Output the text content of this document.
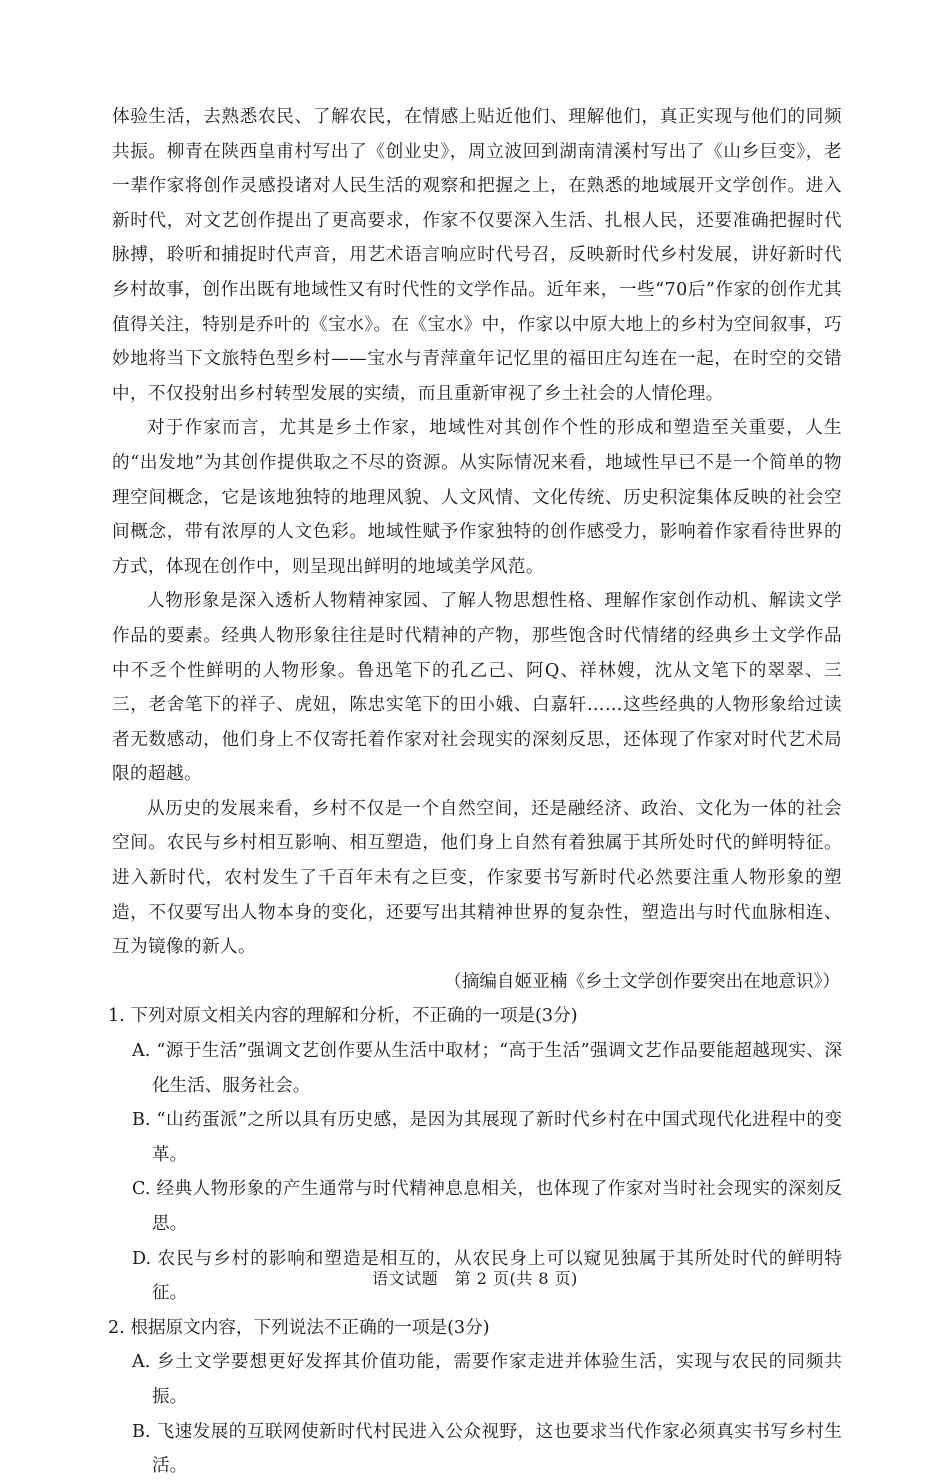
体验生活，去熟悉农民、了解农民，在情感上贴近他们、理解他们，真正实现与他们的同频共振。柳青在陕西皇甫村写出了《创业史》，周立波回到湖南清溪村写出了《山乡巨变》，老一辈作家将创作灵感投诸对人民生活的观察和把握之上，在熟悉的地域展开文学创作。进入新时代，对文艺创作提出了更高要求，作家不仅要深入生活、扎根人民，还要准确把握时代脉搏，聆听和捕捉时代声音，用艺术语言响应时代号召，反映新时代乡村发展，讲好新时代乡村故事，创作出既有地域性又有时代性的文学作品。近年来，一些“70后”作家的创作尤其值得关注，特别是乔叶的《宝水》。在《宝水》中，作家以中原大地上的乡村为空间叙事，巧妙地将当下文旅特色型乡村——宝水与青萍童年记忆里的福田庄勾连在一起，在时空的交错中，不仅投射出乡村转型发展的实绩，而且重新审视了乡土社会的人情伦理。

对于作家而言，尤其是乡土作家，地域性对其创作个性的形成和塑造至关重要，人生的“出发地”为其创作提供取之不尽的资源。从实际情况来看，地域性早已不是一个简单的物理空间概念，它是该地独特的地理风貌、人文风情、文化传统、历史积淀集体反映的社会空间概念，带有浓厚的人文色彩。地域性赋予作家独特的创作感受力，影响着作家看待世界的方式，体现在创作中，则呈现出鲜明的地域美学风范。

人物形象是深入透析人物精神家园、了解人物思想性格、理解作家创作动机、解读文学作品的要素。经典人物形象往往是时代精神的产物，那些饱含时代情绪的经典乡土文学作品中不乏个性鲜明的人物形象。鲁迅笔下的孔乙己、阿Q、祥林嫂，沈从文笔下的翠翠、三三，老舍笔下的祥子、虎妞，陈忠实笔下的田小娥、白嘉轩……这些经典的人物形象给过读者无数感动，他们身上不仅寄托着作家对社会现实的深刻反思，还体现了作家对时代艺术局限的超越。

从历史的发展来看，乡村不仅是一个自然空间，还是融经济、政治、文化为一体的社会空间。农民与乡村相互影响、相互塑造，他们身上自然有着独属于其所处时代的鲜明特征。进入新时代，农村发生了千百年未有之巨变，作家要书写新时代必然要注重人物形象的塑造，不仅要写出人物本身的变化，还要写出其精神世界的复杂性，塑造出与时代血脉相连、互为镜像的新人。

（摘编自姬亚楠《乡土文学创作要突出在地意识》）

1. 下列对原文相关内容的理解和分析，不正确的一项是(3分)

A. “源于生活”强调文艺创作要从生活中取材；“高于生活”强调文艺作品要能超越现实、深化生活、服务社会。

B. “山药蛋派”之所以具有历史感，是因为其展现了新时代乡村在中国式现代化进程中的变革。

C. 经典人物形象的产生通常与时代精神息息相关，也体现了作家对当时社会现实的深刻反思。

D. 农民与乡村的影响和塑造是相互的，从农民身上可以窥见独属于其所处时代的鲜明特征。

2. 根据原文内容，下列说法不正确的一项是(3分)

A. 乡土文学要想更好发挥其价值功能，需要作家走进并体验生活，实现与农民的同频共振。

B. 飞速发展的互联网使新时代村民进入公众视野，这也要求当代作家必须真实书写乡村生活。

语文试题　第 2 页(共 8 页)
